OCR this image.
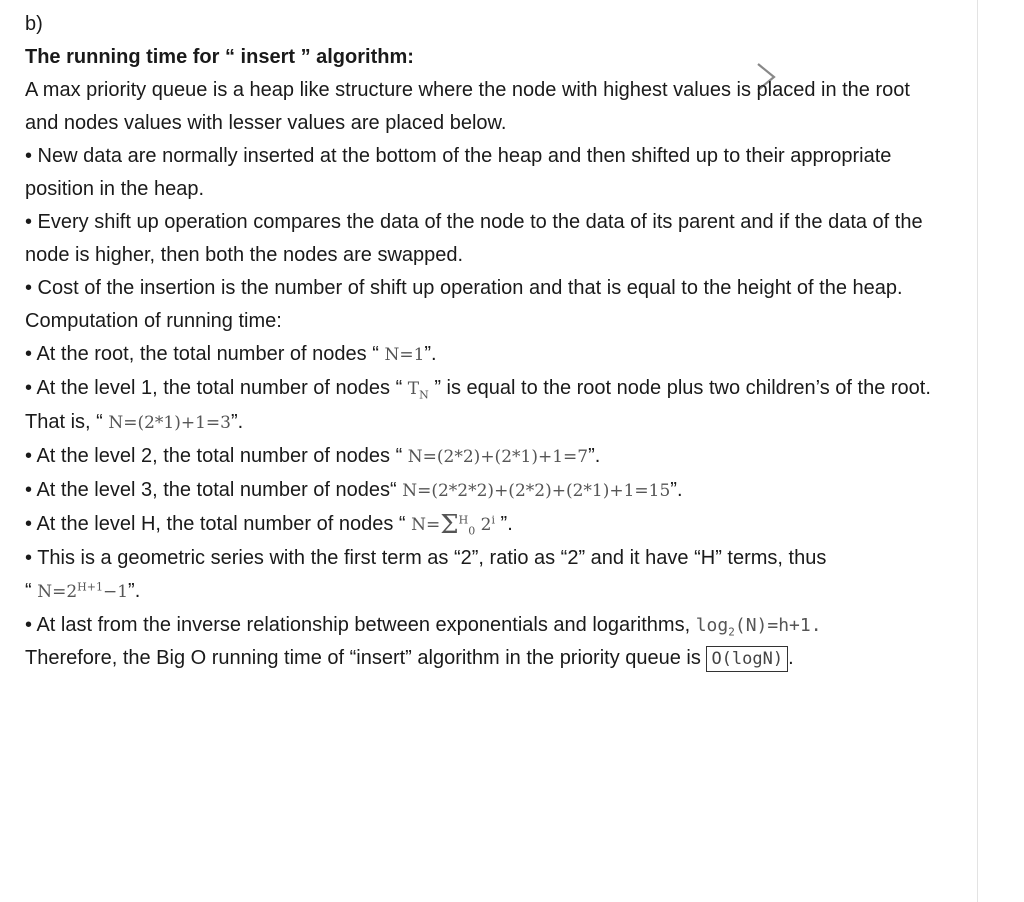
b)

The running time for “ insert ” algorithm:

A max priority queue is a heap like structure where the node with highest values is placed in the root and nodes values with lesser values are placed below.

• New data are normally inserted at the bottom of the heap and then shifted up to their appropriate position in the heap.

• Every shift up operation compares the data of the node to the data of its parent and if the data of the node is higher, then both the nodes are swapped.

• Cost of the insertion is the number of shift up operation and that is equal to the height of the heap.

Computation of running time:

• At the root, the total number of nodes “ N=1”.

• At the level 1, the total number of nodes “ $T_N$ ” is equal to the root node plus two children’s of the root. That is, “ N=(2*1)+1=3”.

• At the level 2, the total number of nodes “ N=(2*2)+(2*1)+1=7”.

• At the level 3, the total number of nodes“ N=(2*2*2)+(2*2)+(2*1)+1=15”.

• At the level H, the total number of nodes “ $N=\Sigma^H_0$ 2$^i$ ”.

• This is a geometric series with the first term as “2”, ratio as “2” and it have “H” terms, thus
“ $N=2^{H+1}-1$”.

• At last from the inverse relationship between exponentials and logarithms, $\log_2(N)=h+1$.

Therefore, the Big O running time of “insert” algorithm in the priority queue is O(logN) .
